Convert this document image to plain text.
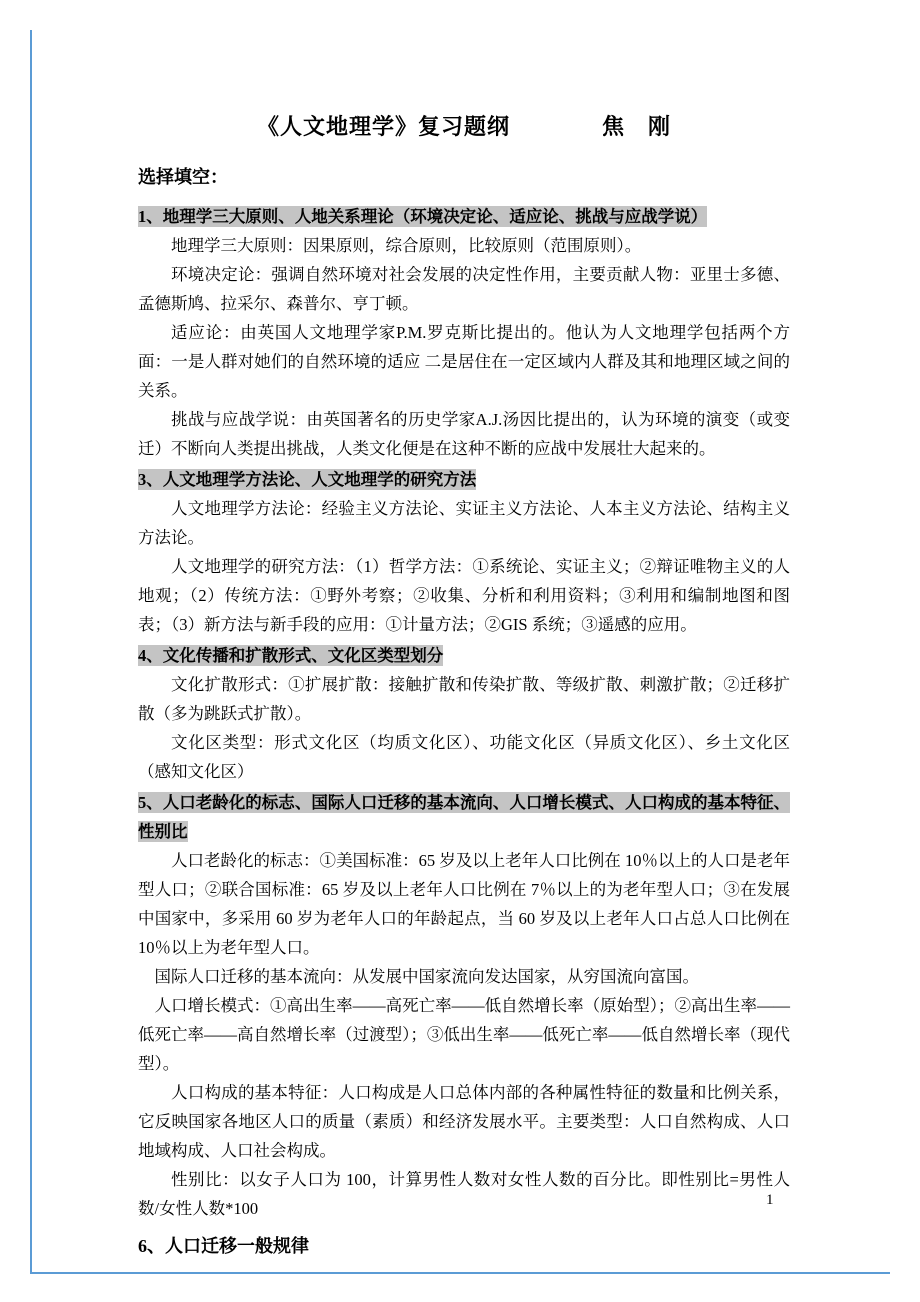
《人文地理学》复习题纲　　　　焦　刚
选择填空：
1、地理学三大原则、人地关系理论（环境决定论、适应论、挑战与应战学说）
地理学三大原则：因果原则，综合原则，比较原则（范围原则）。
环境决定论：强调自然环境对社会发展的决定性作用，主要贡献人物：亚里士多德、孟德斯鸠、拉采尔、森普尔、亨丁顿。
适应论：由英国人文地理学家P.M.罗克斯比提出的。他认为人文地理学包括两个方面：一是人群对她们的自然环境的适应 二是居住在一定区域内人群及其和地理区域之间的关系。
挑战与应战学说：由英国著名的历史学家A.J.汤因比提出的，认为环境的演变（或变迁）不断向人类提出挑战，人类文化便是在这种不断的应战中发展壮大起来的。
3、人文地理学方法论、人文地理学的研究方法
人文地理学方法论：经验主义方法论、实证主义方法论、人本主义方法论、结构主义方法论。
人文地理学的研究方法：（1）哲学方法：①系统论、实证主义；②辩证唯物主义的人地观；（2）传统方法：①野外考察；②收集、分析和利用资料；③利用和编制地图和图表；（3）新方法与新手段的应用：①计量方法；②GIS 系统；③遥感的应用。
4、文化传播和扩散形式、文化区类型划分
文化扩散形式：①扩展扩散：接触扩散和传染扩散、等级扩散、刺激扩散；②迁移扩散（多为跳跃式扩散）。
文化区类型：形式文化区（均质文化区）、功能文化区（异质文化区）、乡土文化区（感知文化区）
5、人口老龄化的标志、国际人口迁移的基本流向、人口增长模式、人口构成的基本特征、性别比
人口老龄化的标志：①美国标准：65 岁及以上老年人口比例在 10％以上的人口是老年型人口；②联合国标准：65 岁及以上老年人口比例在 7％以上的为老年型人口；③在发展中国家中，多采用 60 岁为老年人口的年龄起点，当 60 岁及以上老年人口占总人口比例在 10％以上为老年型人口。
国际人口迁移的基本流向：从发展中国家流向发达国家，从穷国流向富国。
人口增长模式：①高出生率——高死亡率——低自然增长率（原始型）；②高出生率——低死亡率——高自然增长率（过渡型）；③低出生率——低死亡率——低自然增长率（现代型）。
人口构成的基本特征：人口构成是人口总体内部的各种属性特征的数量和比例关系，它反映国家各地区人口的质量（素质）和经济发展水平。主要类型：人口自然构成、人口地域构成、人口社会构成。
性别比：以女子人口为 100，计算男性人数对女性人数的百分比。即性别比=男性人数/女性人数*100
6、人口迁移一般规律
1
